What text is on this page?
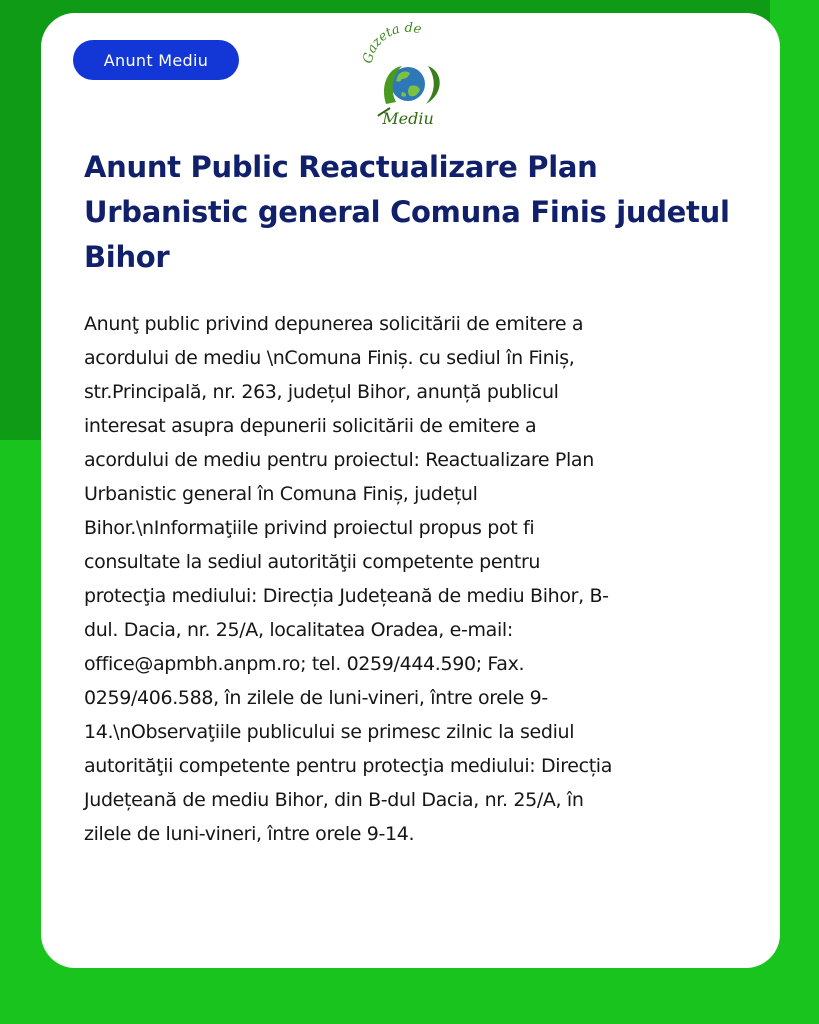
Anunt Mediu	Gazeta de
Mediu
Anunt Public Reactualizare Plan Urbanistic general Comuna Finis judetul Bihor

Anunţ public privind depunerea solicitării de emitere a
acordului de mediu \nComuna Finiș. cu sediul în Finiș,
str.Principală, nr. 263, județul Bihor, anunță publicul
interesat asupra depunerii solicitării de emitere a
acordului de mediu pentru proiectul: Reactualizare Plan
Urbanistic general în Comuna Finiș, județul
Bihor.\nInformaţiile privind proiectul propus pot fi
consultate la sediul autorităţii competente pentru
protecţia mediului: Direcția Județeană de mediu Bihor, B-
dul. Dacia, nr. 25/A, localitatea Oradea, e-mail:
office@apmbh.anpm.ro; tel. 0259/444.590; Fax.
0259/406.588, în zilele de luni-vineri, între orele 9-
14.\nObservaţiile publicului se primesc zilnic la sediul
autorităţii competente pentru protecţia mediului: Direcția
Județeană de mediu Bihor, din B-dul Dacia, nr. 25/A, în
zilele de luni-vineri, între orele 9-14.
